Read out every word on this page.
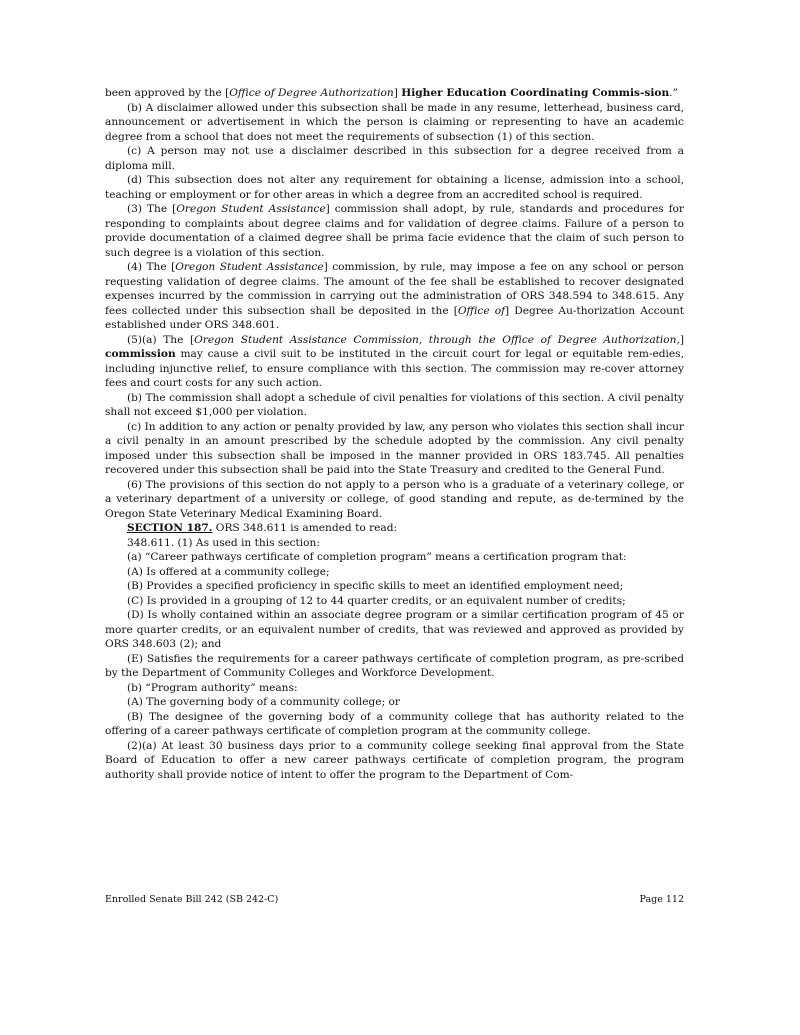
been approved by the [Office of Degree Authorization] Higher Education Coordinating Commis-sion.”

(b) A disclaimer allowed under this subsection shall be made in any resume, letterhead, business card, announcement or advertisement in which the person is claiming or representing to have an academic degree from a school that does not meet the requirements of subsection (1) of this section.

(c) A person may not use a disclaimer described in this subsection for a degree received from a diploma mill.

(d) This subsection does not alter any requirement for obtaining a license, admission into a school, teaching or employment or for other areas in which a degree from an accredited school is required.

(3) The [Oregon Student Assistance] commission shall adopt, by rule, standards and procedures for responding to complaints about degree claims and for validation of degree claims. Failure of a person to provide documentation of a claimed degree shall be prima facie evidence that the claim of such person to such degree is a violation of this section.

(4) The [Oregon Student Assistance] commission, by rule, may impose a fee on any school or person requesting validation of degree claims. The amount of the fee shall be established to recover designated expenses incurred by the commission in carrying out the administration of ORS 348.594 to 348.615. Any fees collected under this subsection shall be deposited in the [Office of] Degree Au-thorization Account established under ORS 348.601.

(5)(a) The [Oregon Student Assistance Commission, through the Office of Degree Authorization,] commission may cause a civil suit to be instituted in the circuit court for legal or equitable rem-edies, including injunctive relief, to ensure compliance with this section. The commission may re-cover attorney fees and court costs for any such action.

(b) The commission shall adopt a schedule of civil penalties for violations of this section. A civil penalty shall not exceed $1,000 per violation.

(c) In addition to any action or penalty provided by law, any person who violates this section shall incur a civil penalty in an amount prescribed by the schedule adopted by the commission. Any civil penalty imposed under this subsection shall be imposed in the manner provided in ORS 183.745. All penalties recovered under this subsection shall be paid into the State Treasury and credited to the General Fund.

(6) The provisions of this section do not apply to a person who is a graduate of a veterinary college, or a veterinary department of a university or college, of good standing and repute, as de-termined by the Oregon State Veterinary Medical Examining Board.

SECTION 187. ORS 348.611 is amended to read:

348.611. (1) As used in this section:

(a) “Career pathways certificate of completion program” means a certification program that:

(A) Is offered at a community college;

(B) Provides a specified proficiency in specific skills to meet an identified employment need;

(C) Is provided in a grouping of 12 to 44 quarter credits, or an equivalent number of credits;

(D) Is wholly contained within an associate degree program or a similar certification program of 45 or more quarter credits, or an equivalent number of credits, that was reviewed and approved as provided by ORS 348.603 (2); and

(E) Satisfies the requirements for a career pathways certificate of completion program, as pre-scribed by the Department of Community Colleges and Workforce Development.

(b) “Program authority” means:

(A) The governing body of a community college; or

(B) The designee of the governing body of a community college that has authority related to the offering of a career pathways certificate of completion program at the community college.

(2)(a) At least 30 business days prior to a community college seeking final approval from the State Board of Education to offer a new career pathways certificate of completion program, the program authority shall provide notice of intent to offer the program to the Department of Com-

Enrolled Senate Bill 242 (SB 242-C)	Page 112
